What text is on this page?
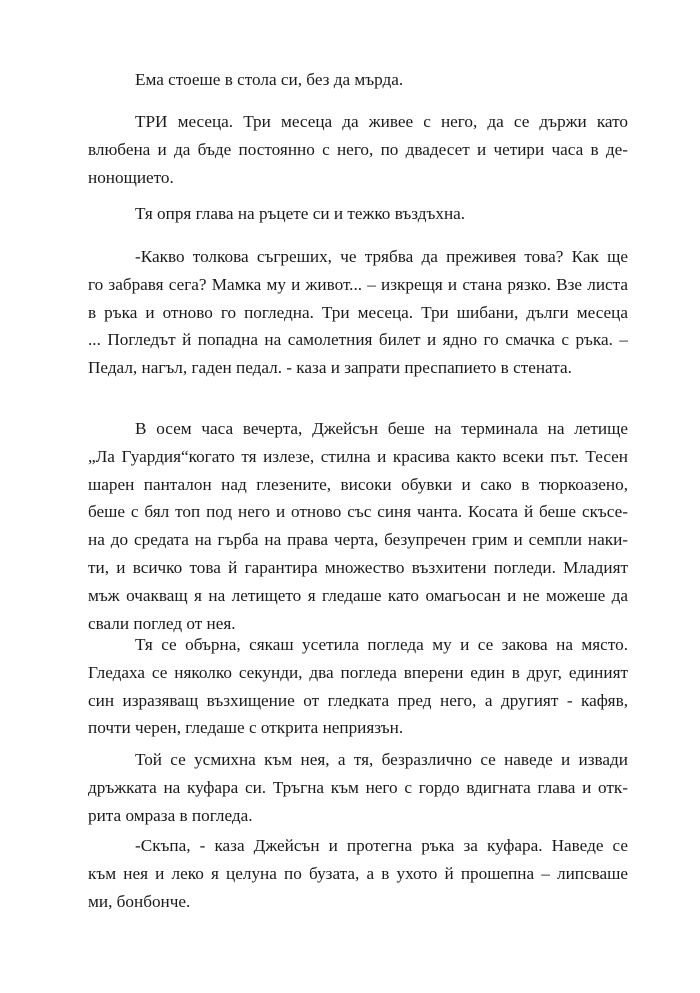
Ема стоеше в стола си, без да мърда.
ТРИ месеца. Три месеца да живее с него, да се държи като
влюбена и да бъде постоянно с него, по двадесет и четири часа в де-
нонощието.
Тя опря глава на ръцете си и тежко въздъхна.
-Какво толкова съгреших, че трябва да преживея това? Как ще
го забравя сега? Мамка му и живот... – изкрещя и стана рязко. Взе листа
в ръка и отново го погледна. Три месеца. Три шибани, дълги месеца
... Погледът й попадна на самолетния билет и ядно го смачка с ръка. –
Педал, нагъл, гаден педал. - каза и запрати преспапието в стената.
В осем часа вечерта, Джейсън беше на терминала на летище
„Ла Гуардия“когато тя излезе, стилна и красива както всеки път. Тесен
шарен панталон над глезените, високи обувки и сако в тюркоазено,
беше с бял топ под него и отново със синя чанта. Косата й беше скъсе-
на до средата на гърба на права черта, безупречен грим и семпли наки-
ти, и всичко това й гарантира множество възхитени погледи. Младият
мъж очакващ я на летището я гледаше като омагьосан и не можеше да
свали поглед от нея.
Тя се обърна, сякаш усетила погледа му и се закова на място.
Гледаха се няколко секунди, два погледа вперени един в друг, единият
син изразяващ възхищение от гледката пред него, а другият - кафяв,
почти черен, гледаше с открита неприязън.
Той се усмихна към нея, а тя, безразлично се наведе и извади
дръжката на куфара си. Тръгна към него с гордо вдигната глава и отк-
рита омраза в погледа.
-Скъпа, - каза Джейсън и протегна ръка за куфара. Наведе се
към нея и леко я целуна по бузата, а в ухото й прошепна – липсваше
ми, бонбонче.
